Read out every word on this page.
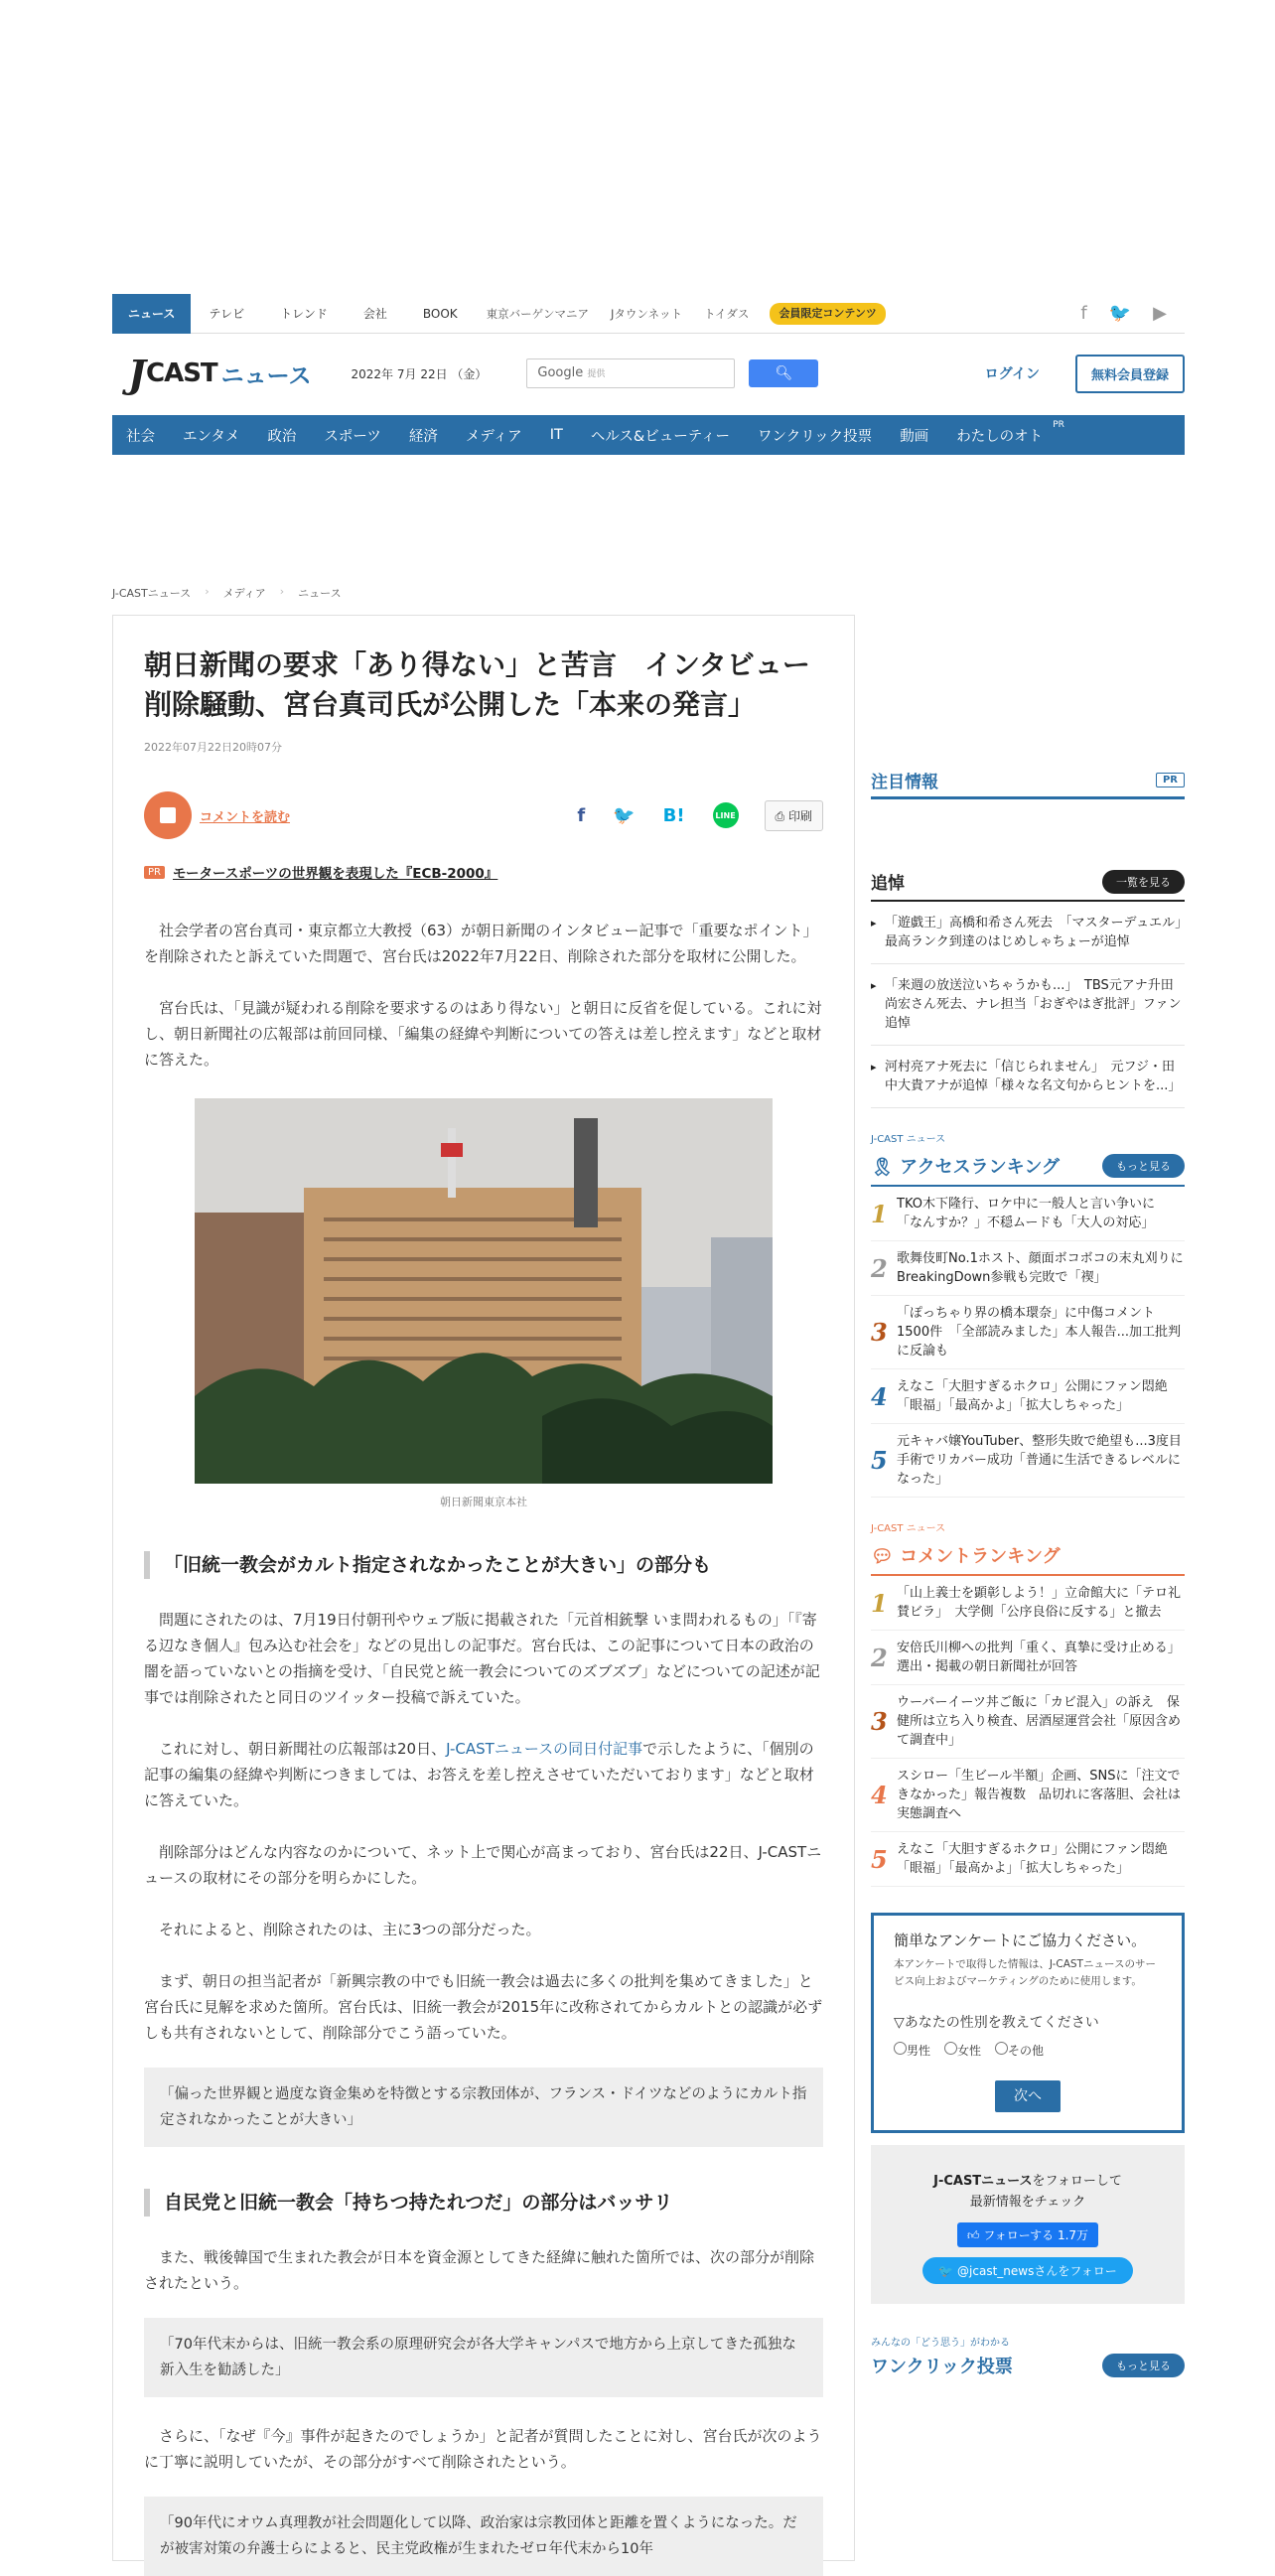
ニュース	テレビ	トレンド	会社	BOOK	東京バーゲンマニア	Jタウンネット	トイダス	会員限定コンテンツ	f 🐦 ▶
J CAST ニュース	2022年 7月 22日 （金）	Google 提供	🔍︎	ログイン	無料会員登録
社会	エンタメ	政治	スポーツ	経済	メディア	IT	ヘルス&ビューティー	ワンクリック投票	動画	わたしのオト
PR
J-CASTニュース › メディア › ニュース
朝日新聞の要求「あり得ない」と苦言　インタビュー削除騒動、宮台真司氏が公開した「本来の発言」
2022年07月22日20時07分
コメントを読む	f 🐦 B!	LINE	⎙ 印刷
PR モータースポーツの世界観を表現した『ECB-2000』

社会学者の宮台真司・東京都立大教授（63）が朝日新聞のインタビュー記事で「重要なポイント」を削除されたと訴えていた問題で、宮台氏は2022年7月22日、削除された部分を取材に公開した。

宮台氏は、「見識が疑われる削除を要求するのはあり得ない」と朝日に反省を促している。これに対し、朝日新聞社の広報部は前回同様、「編集の経緯や判断についての答えは差し控えます」などと取材に答えた。

朝日新聞東京本社
「旧統一教会がカルト指定されなかったことが大きい」の部分も

問題にされたのは、7月19日付朝刊やウェブ版に掲載された「元首相銃撃 いま問われるもの」「『寄る辺なき個人』包み込む社会を」などの見出しの記事だ。宮台氏は、この記事について日本の政治の闇を語っていないとの指摘を受け、「自民党と統一教会についてのズブズブ」などについての記述が記事では削除されたと同日のツイッター投稿で訴えていた。

これに対し、朝日新聞社の広報部は20日、J-CASTニュースの同日付記事で示したように、「個別の記事の編集の経緯や判断につきましては、お答えを差し控えさせていただいております」などと取材に答えていた。

削除部分はどんな内容なのかについて、ネット上で関心が高まっており、宮台氏は22日、J-CASTニュースの取材にその部分を明らかにした。

それによると、削除されたのは、主に3つの部分だった。

まず、朝日の担当記者が「新興宗教の中でも旧統一教会は過去に多くの批判を集めてきました」と宮台氏に見解を求めた箇所。宮台氏は、旧統一教会が2015年に改称されてからカルトとの認識が必ずしも共有されないとして、削除部分でこう語っていた。

「偏った世界観と過度な資金集めを特徴とする宗教団体が、フランス・ドイツなどのようにカルト指定されなかったことが大きい」
自民党と旧統一教会「持ちつ持たれつだ」の部分はバッサリ

また、戦後韓国で生まれた教会が日本を資金源としてきた経緯に触れた箇所では、次の部分が削除されたという。

「70年代末からは、旧統一教会系の原理研究会が各大学キャンパスで地方から上京してきた孤独な新入生を勧誘した」

さらに、「なぜ『今』事件が起きたのでしょうか」と記者が質問したことに対し、宮台氏が次のように丁寧に説明していたが、その部分がすべて削除されたという。

「90年代にオウム真理教が社会問題化して以降、政治家は宗教団体と距離を置くようになった。だが被害対策の弁護士らによると、民主党政権が生まれたゼロ年代末から10年
注目情報	PR
追悼	一覧を見る
▸ 「遊戯王」高橋和希さん死去　「マスターデュエル」最高ランク到達のはじめしゃちょーが追悼
▸ 「来週の放送泣いちゃうかも...」　TBS元アナ升田尚宏さん死去、ナレ担当「おぎやはぎ批評」ファン追悼
▸ 河村亮アナ死去に「信じられません」　元フジ・田中大貴アナが追悼「様々な名文句からヒントを...」
J-CAST ニュース
🎗︎ アクセスランキング	もっと見る
1 TKO木下隆行、ロケ中に一般人と言い争いに　「なんすか？」不穏ムードも「大人の対応」
2 歌舞伎町No.1ホスト、顔面ボコボコの末丸刈りに　BreakingDown参戦も完敗で「禊」
3
「ぽっちゃり界の橋本環奈」に中傷コメント1500件　「全部読みました」本人報告...加工批判に反論も
4 えなこ「大胆すぎるホクロ」公開にファン悶絶　「眼福」「最高かよ」「拡大しちゃった」
5
元キャバ嬢YouTuber、整形失敗で絶望も...3度目手術でリカバー成功「普通に生活できるレベルになった」
J-CAST ニュース
💬︎ コメントランキング
1 「山上義士を顕彰しよう！」立命館大に「テロ礼賛ビラ」　大学側「公序良俗に反する」と撤去
2 安倍氏川柳への批判「重く、真摯に受け止める」　選出・掲載の朝日新聞社が回答
3
ウーバーイーツ丼ご飯に「カビ混入」の訴え　保健所は立ち入り検査、居酒屋運営会社「原因含めて調査中」
4
スシロー「生ビール半額」企画、SNSに「注文できなかった」報告複数　品切れに客落胆、会社は実態調査へ
5 えなこ「大胆すぎるホクロ」公開にファン悶絶　「眼福」「最高かよ」「拡大しちゃった」
簡単なアンケートにご協力ください。
本アンケートで取得した情報は、J-CASTニュースのサービス向上およびマーケティングのために使用します。
▽あなたの性別を教えてください
男性	女性	その他
次へ
J-CASTニュースをフォローして
最新情報をチェック
👍︎ フォローする 1.7万
🐦 @jcast_newsさんをフォロー
みんなの「どう思う」がわかる
ワンクリック投票	もっと見る
